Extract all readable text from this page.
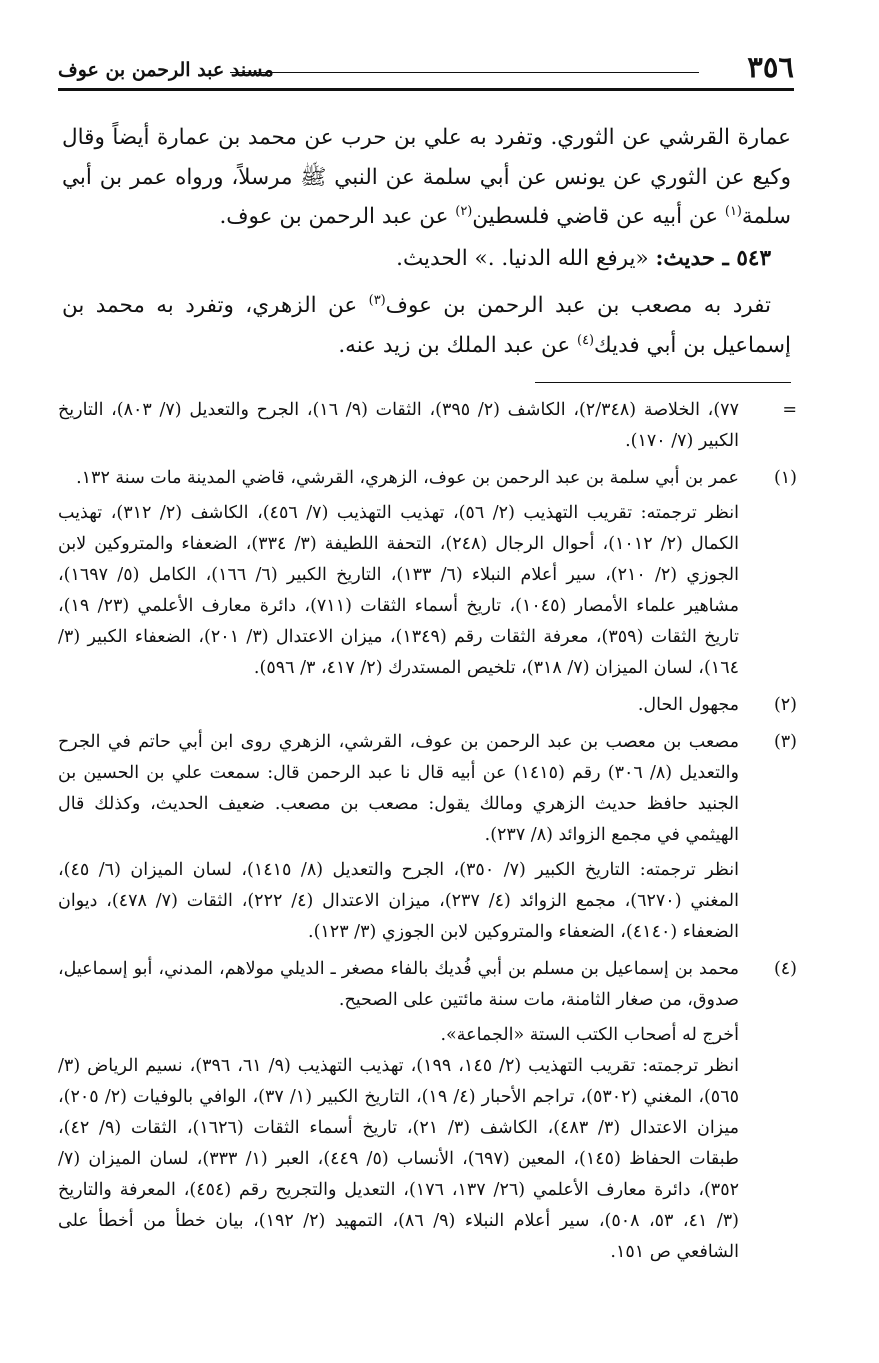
٣٥٦
مسند عبد الرحمن بن عوف

عمارة القرشي عن الثوري. وتفرد به علي بن حرب عن محمد بن عمارة أيضاً وقال وكيع عن الثوري عن يونس عن أبي سلمة عن النبي ﷺ مرسلاً، ورواه عمر بن أبي سلمة$^{(١)}$ عن أبيه عن قاضي فلسطين$^{(٢)}$ عن عبد الرحمن بن عوف.

٥٤٣ ـ حديث: «يرفع الله الدنيا. .» الحديث.

تفرد به مصعب بن عبد الرحمن بن عوف$^{(٣)}$ عن الزهري، وتفرد به محمد بن إسماعيل بن أبي فديك$^{(٤)}$ عن عبد الملك بن زيد عنه.

=

٧٧)، الخلاصة (٢/٣٤٨)، الكاشف (٢/ ٣٩٥)، الثقات (٩/ ١٦)، الجرح والتعديل (٧/ ٨٠٣)، التاريخ الكبير (٧/ ١٧٠).

(١)

عمر بن أبي سلمة بن عبد الرحمن بن عوف، الزهري، القرشي، قاضي المدينة مات سنة ١٣٢.

انظر ترجمته: تقريب التهذيب (٢/ ٥٦)، تهذيب التهذيب (٧/ ٤٥٦)، الكاشف (٢/ ٣١٢)، تهذيب الكمال (٢/ ١٠١٢)، أحوال الرجال (٢٤٨)، التحفة اللطيفة (٣/ ٣٣٤)، الضعفاء والمتروكين لابن الجوزي (٢/ ٢١٠)، سير أعلام النبلاء (٦/ ١٣٣)، التاريخ الكبير (٦/ ١٦٦)، الكامل (٥/ ١٦٩٧)، مشاهير علماء الأمصار (١٠٤٥)، تاريخ أسماء الثقات (٧١١)، دائرة معارف الأعلمي (٢٣/ ١٩)، تاريخ الثقات (٣٥٩)، معرفة الثقات رقم (١٣٤٩)، ميزان الاعتدال (٣/ ٢٠١)، الضعفاء الكبير (٣/ ١٦٤)، لسان الميزان (٧/ ٣١٨)، تلخيص المستدرك (٢/ ٤١٧، ٣/ ٥٩٦).

(٢)

مجهول الحال.

(٣)

مصعب بن معصب بن عبد الرحمن بن عوف، القرشي، الزهري روى ابن أبي حاتم في الجرح والتعديل (٨/ ٣٠٦) رقم (١٤١٥) عن أبيه قال نا عبد الرحمن قال: سمعت علي بن الحسين بن الجنيد حافظ حديث الزهري ومالك يقول: مصعب بن مصعب. ضعيف الحديث، وكذلك قال الهيثمي في مجمع الزوائد (٨/ ٢٣٧).

انظر ترجمته: التاريخ الكبير (٧/ ٣٥٠)، الجرح والتعديل (٨/ ١٤١٥)، لسان الميزان (٦/ ٤٥)، المغني (٦٢٧٠)، مجمع الزوائد (٤/ ٢٣٧)، ميزان الاعتدال (٤/ ٢٢٢)، الثقات (٧/ ٤٧٨)، ديوان الضعفاء (٤١٤٠)، الضعفاء والمتروكين لابن الجوزي (٣/ ١٢٣).

(٤)

محمد بن إسماعيل بن مسلم بن أبي فُديك بالفاء مصغر ـ الديلي مولاهم، المدني، أبو إسماعيل، صدوق، من صغار الثامنة، مات سنة مائتين على الصحيح.

أخرج له أصحاب الكتب الستة «الجماعة».

انظر ترجمته: تقريب التهذيب (٢/ ١٤٥، ١٩٩)، تهذيب التهذيب (٩/ ٦١، ٣٩٦)، نسيم الرياض (٣/ ٥٦٥)، المغني (٥٣٠٢)، تراجم الأحبار (٤/ ١٩)، التاريخ الكبير (١/ ٣٧)، الوافي بالوفيات (٢/ ٢٠٥)، ميزان الاعتدال (٣/ ٤٨٣)، الكاشف (٣/ ٢١)، تاريخ أسماء الثقات (١٦٢٦)، الثقات (٩/ ٤٢)، طبقات الحفاظ (١٤٥)، المعين (٦٩٧)، الأنساب (٥/ ٤٤٩)، العبر (١/ ٣٣٣)، لسان الميزان (٧/ ٣٥٢)، دائرة معارف الأعلمي (٢٦/ ١٣٧، ١٧٦)، التعديل والتجريح رقم (٤٥٤)، المعرفة والتاريخ (٣/ ٤١، ٥٣، ٥٠٨)، سير أعلام النبلاء (٩/ ٨٦)، التمهيد (٢/ ١٩٢)، بيان خطأ من أخطأ على الشافعي ص ١٥١.
